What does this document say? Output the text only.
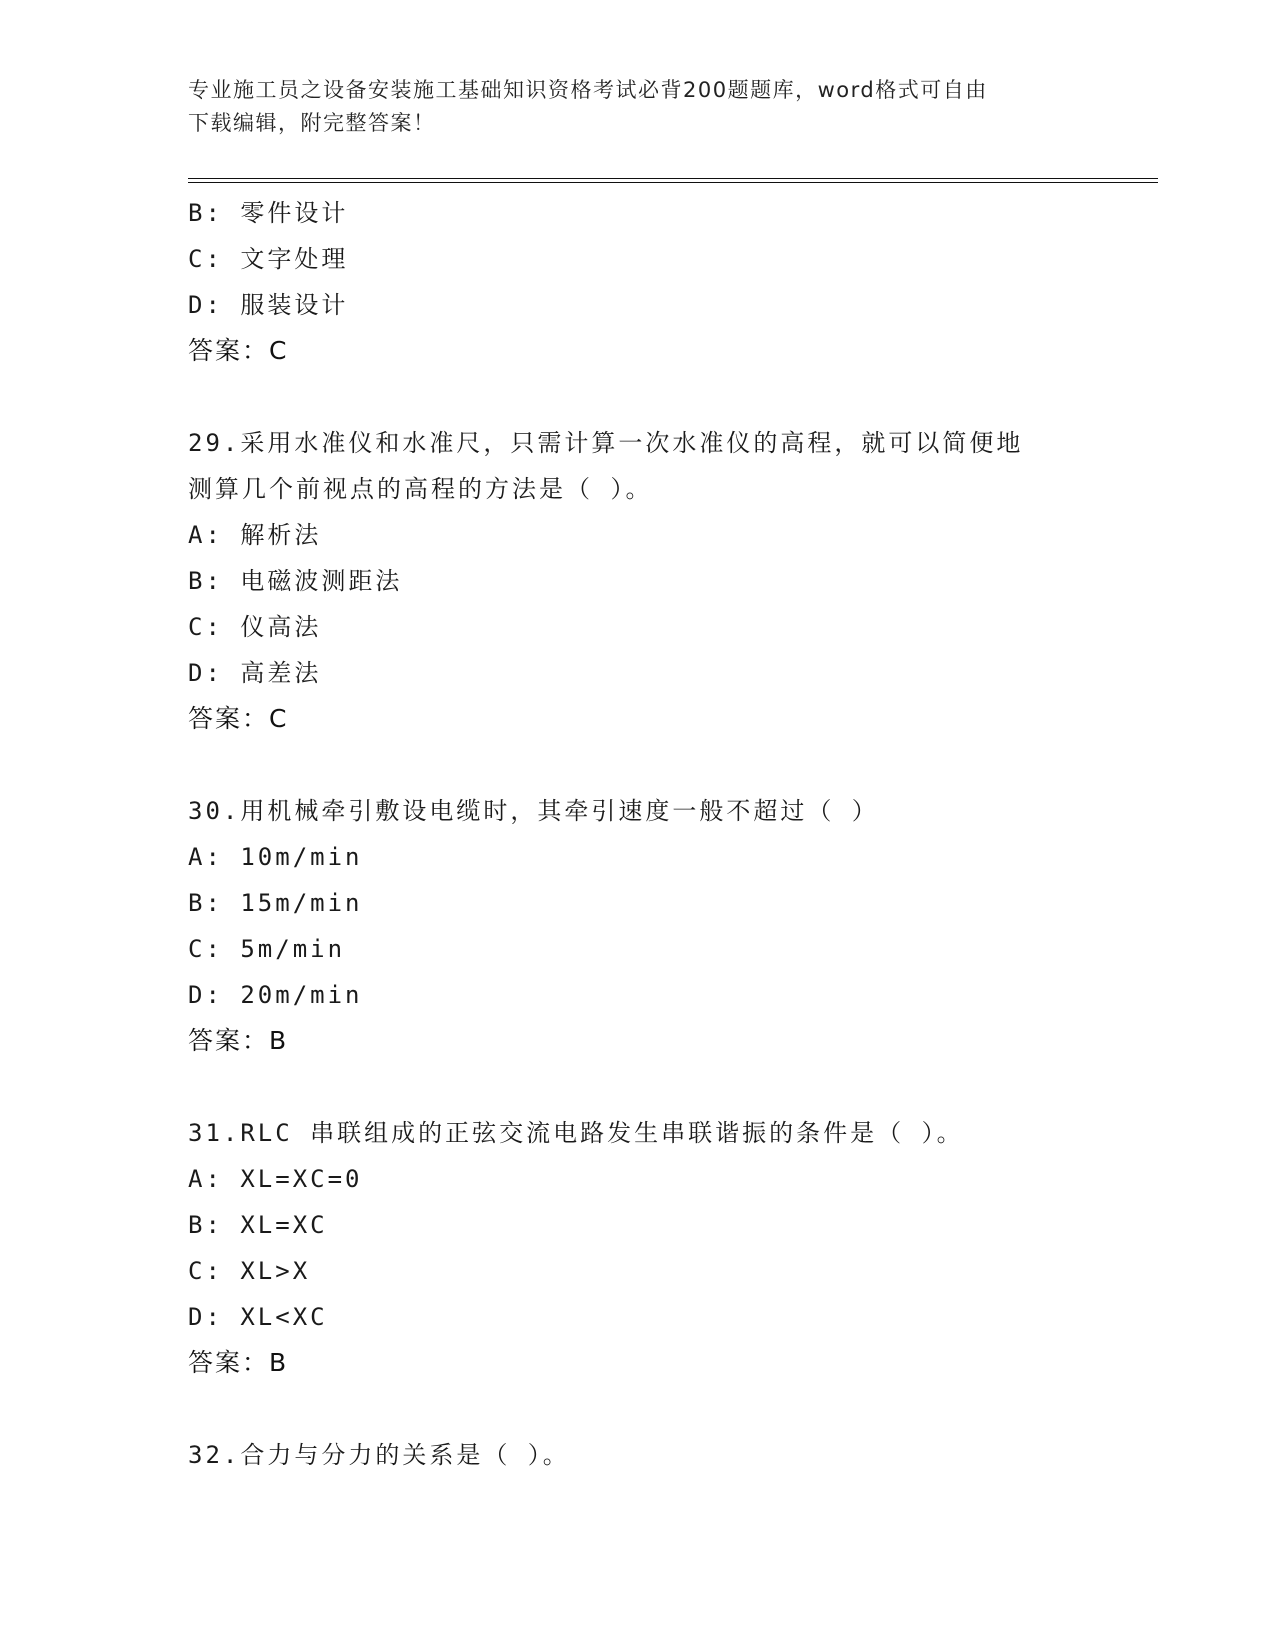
专业施工员之设备安装施工基础知识资格考试必背200题题库，word格式可自由
下载编辑，附完整答案！
B: 零件设计
C: 文字处理
D: 服装设计
答案：C
29.采用水准仪和水准尺，只需计算一次水准仪的高程，就可以简便地
测算几个前视点的高程的方法是（ ）。
A: 解析法
B: 电磁波测距法
C: 仪高法
D: 高差法
答案：C
30.用机械牵引敷设电缆时，其牵引速度一般不超过（ ）
A: 10m/min
B: 15m/min
C: 5m/min
D: 20m/min
答案：B
31.RLC 串联组成的正弦交流电路发生串联谐振的条件是（ ）。
A: XL=XC=0
B: XL=XC
C: XL>X
D: XL<XC
答案：B
32.合力与分力的关系是（ ）。
